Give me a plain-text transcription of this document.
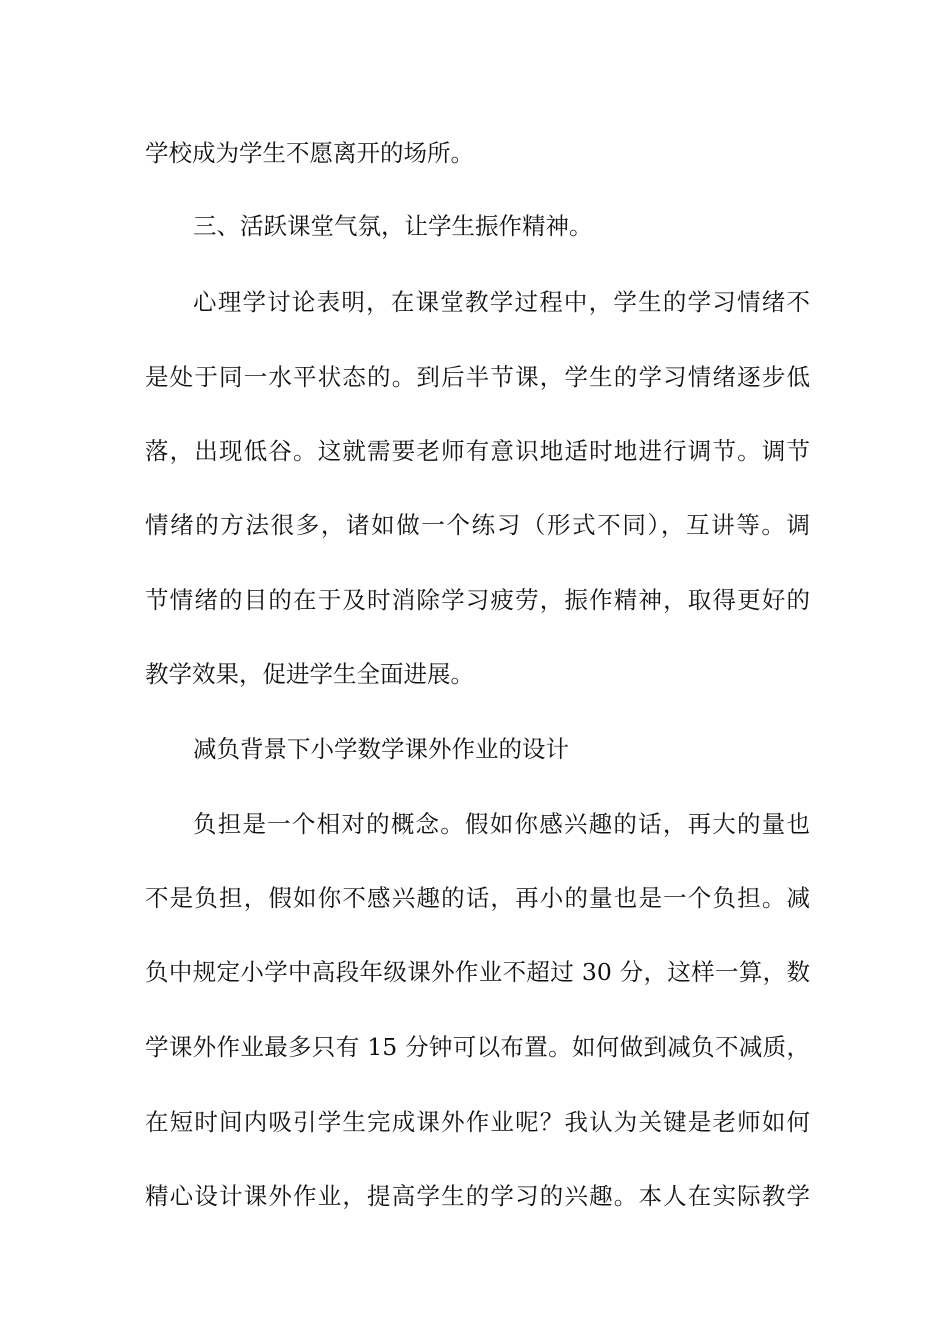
学校成为学生不愿离开的场所。
三、活跃课堂气氛，让学生振作精神。
心理学讨论表明，在课堂教学过程中，学生的学习情绪不
是处于同一水平状态的。到后半节课，学生的学习情绪逐步低
落，出现低谷。这就需要老师有意识地适时地进行调节。调节
情绪的方法很多，诸如做一个练习（形式不同），互讲等。调
节情绪的目的在于及时消除学习疲劳，振作精神，取得更好的
教学效果，促进学生全面进展。
减负背景下小学数学课外作业的设计
负担是一个相对的概念。假如你感兴趣的话，再大的量也
不是负担，假如你不感兴趣的话，再小的量也是一个负担。减
负中规定小学中高段年级课外作业不超过 30 分，这样一算，数
学课外作业最多只有 15 分钟可以布置。如何做到减负不减质，
在短时间内吸引学生完成课外作业呢？我认为关键是老师如何
精心设计课外作业，提高学生的学习的兴趣。本人在实际教学
